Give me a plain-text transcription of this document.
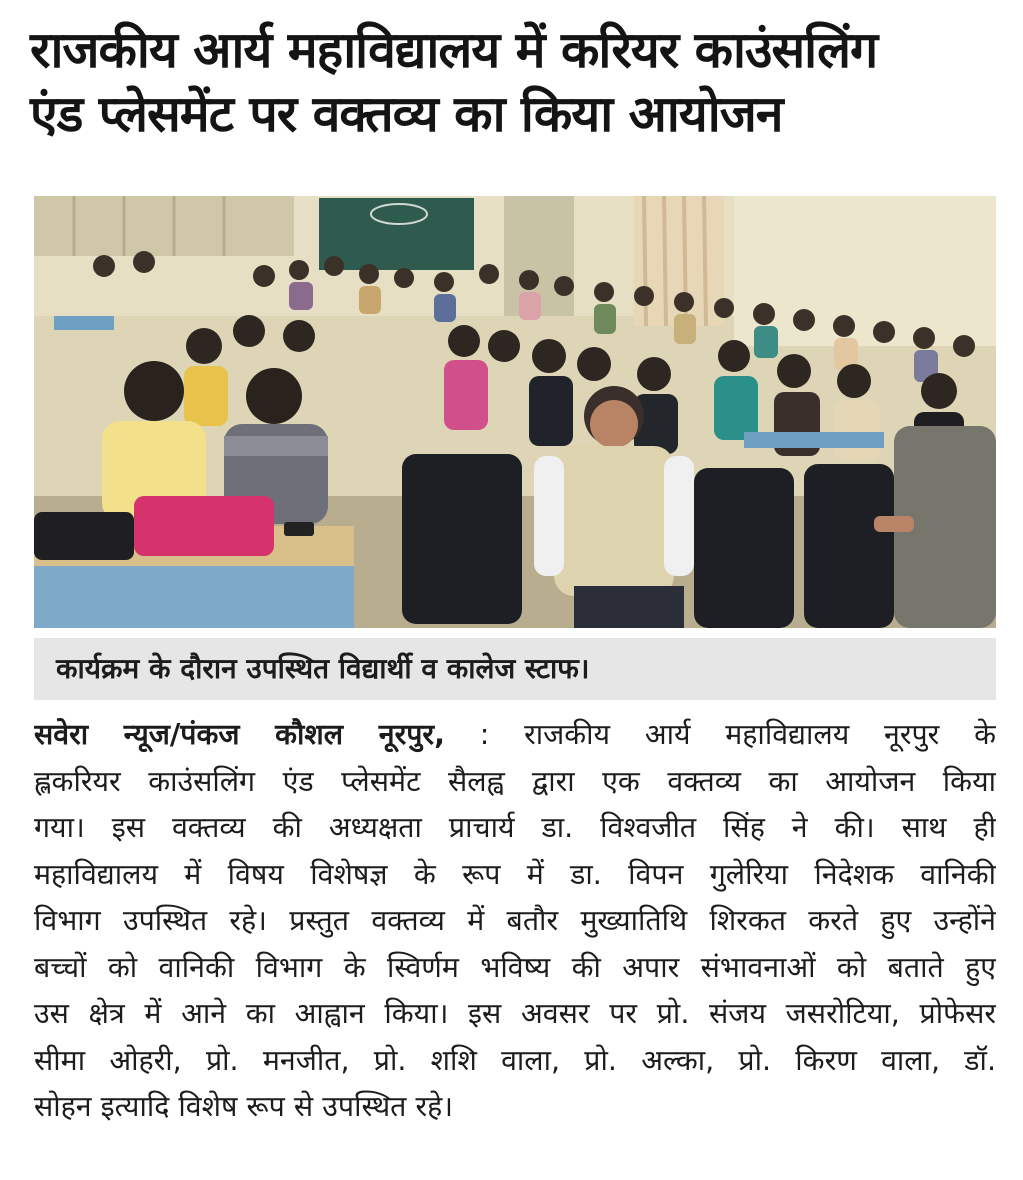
राजकीय आर्य महाविद्यालय में करियर काउंसलिंग
एंड प्लेसमेंट पर वक्तव्य का किया आयोजन
कार्यक्रम के दौरान उपस्थित विद्यार्थी व कालेज स्टाफ।
सवेरा न्यूज/पंकज कौशल नूरपुर, : राजकीय आर्य महाविद्यालय नूरपुर के
ह्लकरियर काउंसलिंग एंड प्लेसमेंट सैलह्व द्वारा एक वक्तव्य का आयोजन किया
गया। इस वक्तव्य की अध्यक्षता प्राचार्य डा. विश्वजीत सिंह ने की। साथ ही
महाविद्यालय में विषय विशेषज्ञ के रूप में डा. विपन गुलेरिया निदेशक वानिकी
विभाग उपस्थित रहे। प्रस्तुत वक्तव्य में बतौर मुख्यातिथि शिरकत करते हुए उन्होंने
बच्चों को वानिकी विभाग के स्विर्णम भविष्य की अपार संभावनाओं को बताते हुए
उस क्षेत्र में आने का आह्वान किया। इस अवसर पर प्रो. संजय जसरोटिया, प्रोफेसर
सीमा ओहरी, प्रो. मनजीत, प्रो. शशि वाला, प्रो. अल्का, प्रो. किरण वाला, डॉ.
सोहन इत्यादि विशेष रूप से उपस्थित रहे।
